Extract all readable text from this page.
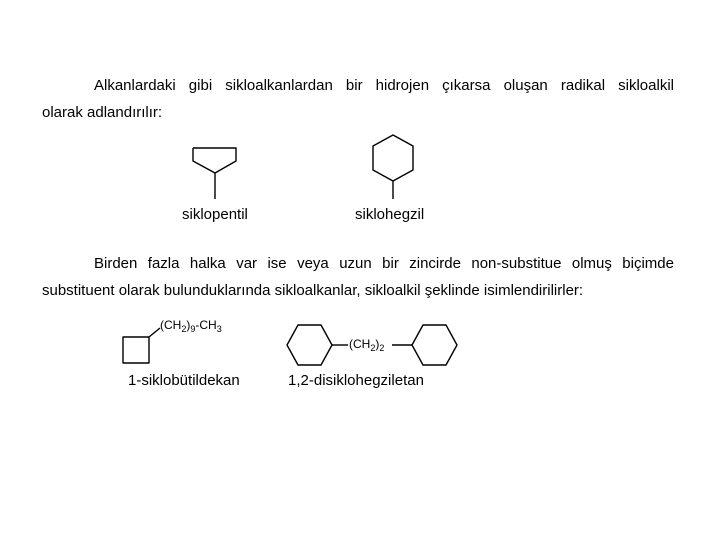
Alkanlardaki gibi sikloalkanlardan bir hidrojen çıkarsa oluşan radikal sikloalkil
olarak adlandırılır:
siklopentil	siklohegzil
Birden fazla halka var ise veya uzun bir zincirde non-substitue olmuş biçimde
substituent olarak bulunduklarında sikloalkanlar, sikloalkil şeklinde isimlendirilirler:
$(CH_2)_9-CH_3$
$(CH_2)_2$
1-siklobütildekan	1,2-disiklohegziletan
